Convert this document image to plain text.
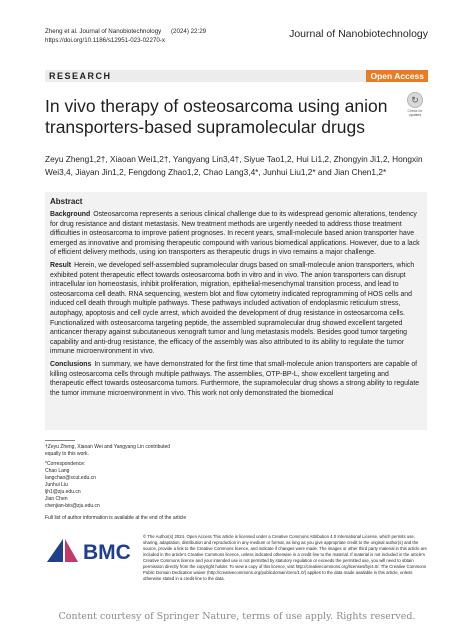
Zheng et al. Journal of Nanobiotechnology
https://doi.org/10.1186/s12951-023-02270-x
(2024) 22:29	Journal of Nanobiotechnology
RESEARCH	Open Access
In vivo therapy of osteosarcoma using anion transporters-based supramolecular drugs
↻
Check for updates
Zeyu Zheng1,2†, Xiaoan Wei1,2†, Yangyang Lin3,4†, Siyue Tao1,2, Hui Li1,2, Zhongyin Ji1,2, Hongxin Wei3,4, Jiayan Jin1,2, Fengdong Zhao1,2, Chao Lang3,4*, Junhui Liu1,2* and Jian Chen1,2*
Abstract

Background Osteosarcoma represents a serious clinical challenge due to its widespread genomic alterations, tendency for drug resistance and distant metastasis. New treatment methods are urgently needed to address those treatment difficulties in osteosarcoma to improve patient prognoses. In recent years, small-molecule based anion transporter have emerged as innovative and promising therapeutic compound with various biomedical applications. However, due to a lack of efficient delivery methods, using ion transporters as therapeutic drugs in vivo remains a major challenge.

Result Herein, we developed self-assembled supramolecular drugs based on small-molecule anion transporters, which exhibited potent therapeutic effect towards osteosarcoma both in vitro and in vivo. The anion transporters can disrupt intracellular ion homeostasis, inhibit proliferation, migration, epithelial-mesenchymal transition process, and lead to osteosarcoma cell death. RNA sequencing, western blot and flow cytometry indicated reprogramming of HOS cells and induced cell death through multiple pathways. These pathways included activation of endoplasmic reticulum stress, autophagy, apoptosis and cell cycle arrest, which avoided the development of drug resistance in osteosarcoma cells. Functionalized with osteosarcoma targeting peptide, the assembled supramolecular drug showed excellent targeted anticancer therapy against subcutaneous xenograft tumor and lung metastasis models. Besides good tumor targeting capability and anti-drug resistance, the efficacy of the assembly was also attributed to its ability to regulate the tumor immune microenvironment in vivo.

Conclusions In summary, we have demonstrated for the first time that small-molecule anion transporters are capable of killing osteosarcoma cells through multiple pathways. The assemblies, OTP-BP-L, show excellent targeting and therapeutic effect towards osteosarcoma tumors. Furthermore, the supramolecular drug shows a strong ability to regulate the tumor immune microenvironment in vivo. This work not only demonstrated the biomedical

†Zeyu Zheng, Xiaoan Wei and Yangyang Lin contributed equally to this work.

*Correspondence:
Chao Lang
langchao@scut.edu.cn
Junhui Liu
ljh1@zju.edu.cn
Jian Chen
chenjian-bio@zju.edu.cn
Full list of author information is available at the end of the article
BMC
© The Author(s) 2024. Open Access This article is licensed under a Creative Commons Attribution 4.0 International License, which permits use, sharing, adaptation, distribution and reproduction in any medium or format, as long as you give appropriate credit to the original author(s) and the source, provide a link to the Creative Commons licence, and indicate if changes were made. The images or other third party material in this article are included in the article's Creative Commons licence, unless indicated otherwise in a credit line to the material. If material is not included in the article's Creative Commons licence and your intended use is not permitted by statutory regulation or exceeds the permitted use, you will need to obtain permission directly from the copyright holder. To view a copy of this licence, visit http://creativecommons.org/licenses/by/4.0/. The Creative Commons Public Domain Dedication waiver (http://creativecommons.org/publicdomain/zero/1.0/) applies to the data made available in this article, unless otherwise stated in a credit line to the data.
Content courtesy of Springer Nature, terms of use apply. Rights reserved.
